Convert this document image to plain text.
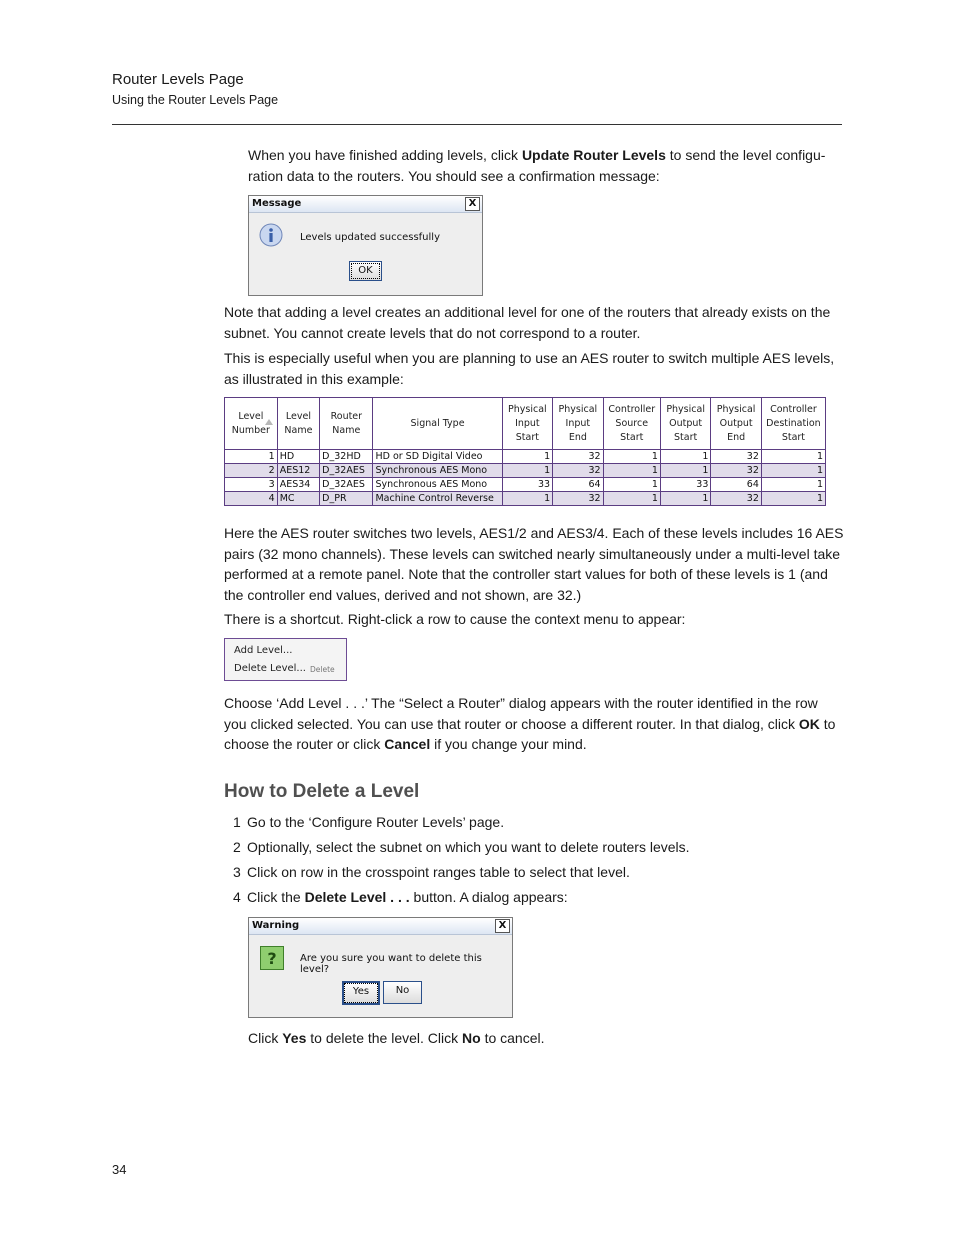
Router Levels Page
Using the Router Levels Page

When you have finished adding levels, click Update Router Levels to send the level configu-ration data to the routers. You should see a confirmation message:

Message	X
Levels updated successfully
OK

Note that adding a level creates an additional level for one of the routers that already exists on the subnet. You cannot create levels that do not correspond to a router.

This is especially useful when you are planning to use an AES router to switch multiple AES levels, as illustrated in this example:

Level Number	Level Name	Router Name	Signal Type	Physical Input Start	Physical Input End	Controller Source Start	Physical Output Start	Physical Output End	Controller Destination Start
1	HD	D_32HD	HD or SD Digital Video	1	32	1	1	32	1
2	AES12	D_32AES	Synchronous AES Mono	1	32	1	1	32	1
3	AES34	D_32AES	Synchronous AES Mono	33	64	1	33	64	1
4	MC	D_PR	Machine Control Reverse	1	32	1	1	32	1

Here the AES router switches two levels, AES1/2 and AES3/4. Each of these levels includes 16 AES pairs (32 mono channels). These levels can switched nearly simultaneously under a multi-level take performed at a remote panel. Note that the controller start values for both of these levels is 1 (and the controller end values, derived and not shown, are 32.)

There is a shortcut. Right-click a row to cause the context menu to appear:

Add Level...
Delete Level... Delete

Choose ‘Add Level . . .’ The “Select a Router” dialog appears with the router identified in the row you clicked selected. You can use that router or choose a different router. In that dialog, click OK to choose the router or click Cancel if you change your mind.

How to Delete a Level
1 Go to the ‘Configure Router Levels’ page.
2 Optionally, select the subnet on which you want to delete routers levels.
3 Click on row in the crosspoint ranges table to select that level.
4 Click the Delete Level . . . button. A dialog appears:
Warning	X
? Are you sure you want to delete this level?
Yes	No

Click Yes to delete the level. Click No to cancel.

34
